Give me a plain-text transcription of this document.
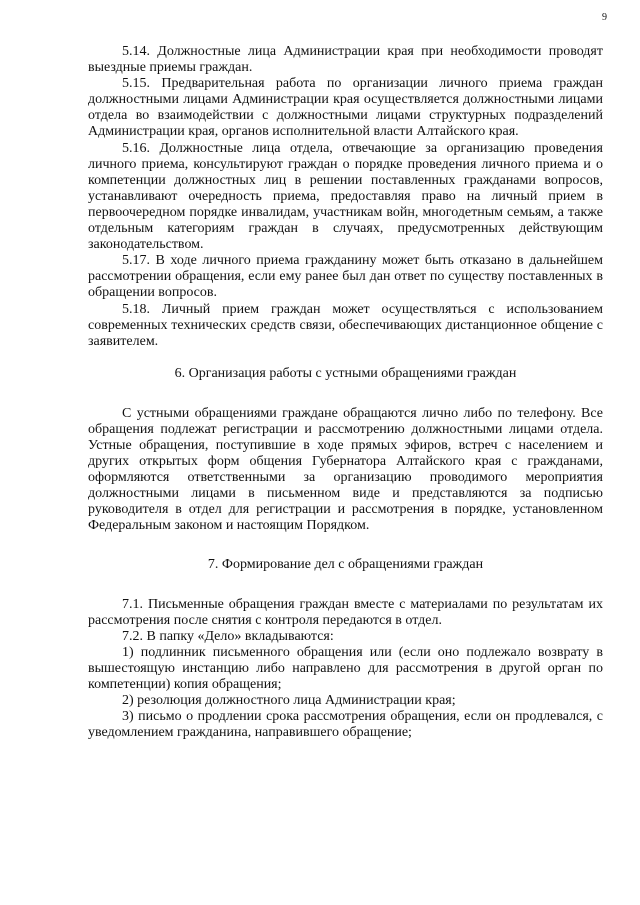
9

5.14. Должностные лица Администрации края при необходимости проводят выездные приемы граждан.

5.15. Предварительная работа по организации личного приема граждан должностными лицами Администрации края осуществляется должностными лицами отдела во взаимодействии с должностными лицами структурных подразделений Администрации края, органов исполнительной власти Алтайского края.

5.16. Должностные лица отдела, отвечающие за организацию проведения личного приема, консультируют граждан о порядке проведения личного приема и о компетенции должностных лиц в решении поставленных гражданами вопросов, устанавливают очередность приема, предоставляя право на личный прием в первоочередном порядке инвалидам, участникам войн, многодетным семьям, а также отдельным категориям граждан в случаях, предусмотренных действующим законодательством.

5.17. В ходе личного приема гражданину может быть отказано в дальнейшем рассмотрении обращения, если ему ранее был дан ответ по существу поставленных в обращении вопросов.

5.18. Личный прием граждан может осуществляться с использованием современных технических средств связи, обеспечивающих дистанционное общение с заявителем.

6. Организация работы с устными обращениями граждан

С устными обращениями граждане обращаются лично либо по телефону. Все обращения подлежат регистрации и рассмотрению должностными лицами отдела. Устные обращения, поступившие в ходе прямых эфиров, встреч с населением и других открытых форм общения Губернатора Алтайского края с гражданами, оформляются ответственными за организацию проводимого мероприятия должностными лицами в письменном виде и представляются за подписью руководителя в отдел для регистрации и рассмотрения в порядке, установленном Федеральным законом и настоящим Порядком.

7. Формирование дел с обращениями граждан

7.1. Письменные обращения граждан вместе с материалами по результатам их рассмотрения после снятия с контроля передаются в отдел.

7.2. В папку «Дело» вкладываются:

1) подлинник письменного обращения или (если оно подлежало возврату в вышестоящую инстанцию либо направлено для рассмотрения в другой орган по компетенции) копия обращения;

2) резолюция должностного лица Администрации края;

3) письмо о продлении срока рассмотрения обращения, если он продлевался, с уведомлением гражданина, направившего обращение;
